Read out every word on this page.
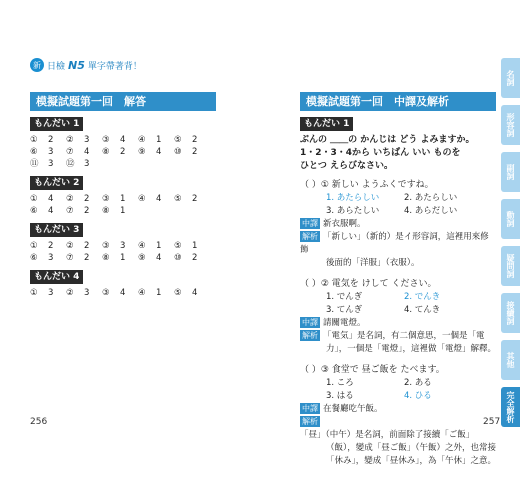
新 日檢 N5 單字帶著背！
模擬試題第一回　解答
もんだい 1
①	2 ②	3 ③	4 ④	1 ⑤	2
⑥	3 ⑦	4 ⑧	2 ⑨	4 ⑩	2
⑪	3 ⑫	3
もんだい 2
①	4 ②	2 ③	1 ④	4 ⑤	2
⑥	4 ⑦	2 ⑧	1
もんだい 3
①	2 ②	2 ③	3 ④	1 ⑤	1
⑥	3 ⑦	2 ⑧	1 ⑨	4 ⑩	2
もんだい 4
①	3 ②	3 ③	4 ④	1 ⑤	4
256
模擬試題第一回　中譯及解析
もんだい 1
ぶんの ＿＿の かんじは どう よみますか。
1・2・3・4から いちばん いい ものを
ひとつ えらびなさい。
（ ）① 新しい ようふくですね。
1. あたらしい	2. あたらしい
3. あらたしい	4. あらだしい
中譯 新衣服啊。
解析 「新しい」（新的）是イ形容詞，這裡用來修飾
後面的「洋服」（衣服）。
（ ）② 電気を けして ください。
1. でんぎ	2. でんき
3. てんぎ	4. てんき
中譯 請關電燈。
解析 「電気」是名詞，有二個意思，一個是「電
力」，一個是「電燈」，這裡做「電燈」解釋。
（ ）③ 食堂で 昼ご飯を たべます。
1. ころ	2. ある
3. はる	4. ひる
中譯 在餐廳吃午飯。
解析「昼」（中午）是名詞，前面除了接續「ご飯」
（飯），變成「昼ご飯」（午飯）之外，也常接
「休み」，變成「昼休み」，為「午休」之意。
257
名詞
形容詞
副詞
動詞
疑問詞
接續詞
其他
完全解析
